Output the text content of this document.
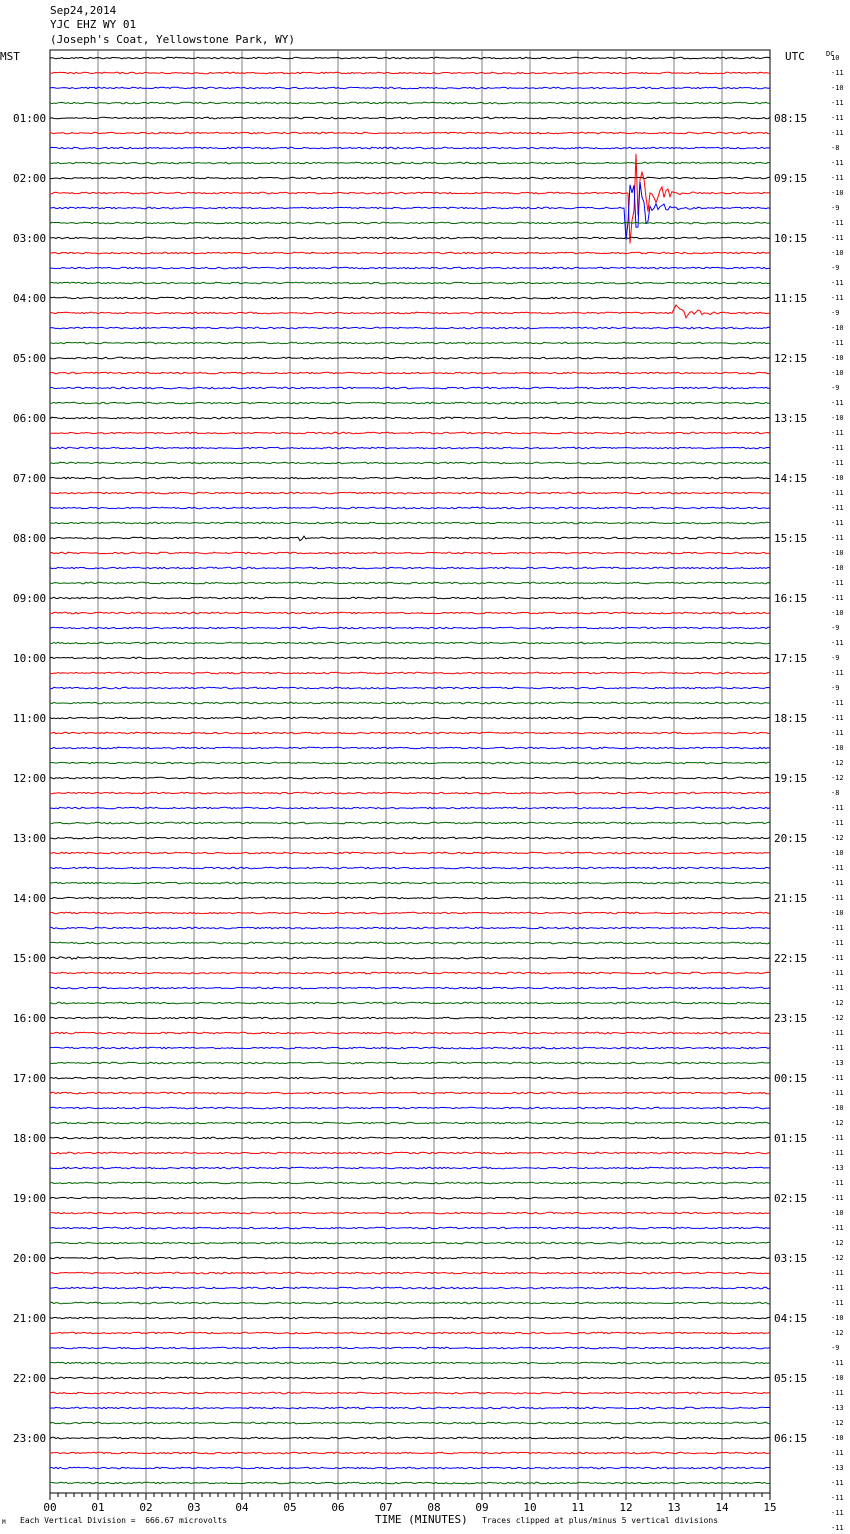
Sep24,2014
YJC EHZ WY 01
(Joseph's Coat, Yellowstone Park, WY)
MST	UTC	DC
01:00
02:00
03:00
04:00
05:00
06:00
07:00
08:00
09:00
10:00
11:00
12:00
13:00
14:00
15:00
16:00
17:00
18:00
19:00
20:00
21:00
22:00
23:00
08:15
09:15
10:15
11:15
12:15
13:15
14:15
15:15
16:15
17:15
18:15
19:15
20:15
21:15
22:15
23:15
00:15
01:15
02:15
03:15
04:15
05:15
06:15
10
-11
-10
-11
-11
-11
-8
-11
-11
-10
-9
-11
-11
-10
-9
-11
-11
-9
-10
-11
-10
-10
-9
-11
-10
-11
-11
-11
-10
-11
-11
-11
-11
-10
-10
-11
-11
-10
-9
-11
-9
-11
-9
-11
-11
-11
-10
-12
-12
-8
-11
-11
-12
-10
-11
-11
-11
-10
-11
-11
-11
-11
-11
-12
-12
-11
-11
-13
-11
-11
-10
-12
-11
-11
-13
-11
-11
-10
-11
-12
-12
-11
-11
-11
-10
-12
-9
-11
-10
-11
-13
-12
-10
-11
-13
-11
-11
-11
-11
00	01	02	03	04	05	06	07	08	09	10	11	12	13	14	15
M Each Vertical Division =  666.67 microvolts	TIME (MINUTES) Traces clipped at plus/minus 5 vertical divisions
